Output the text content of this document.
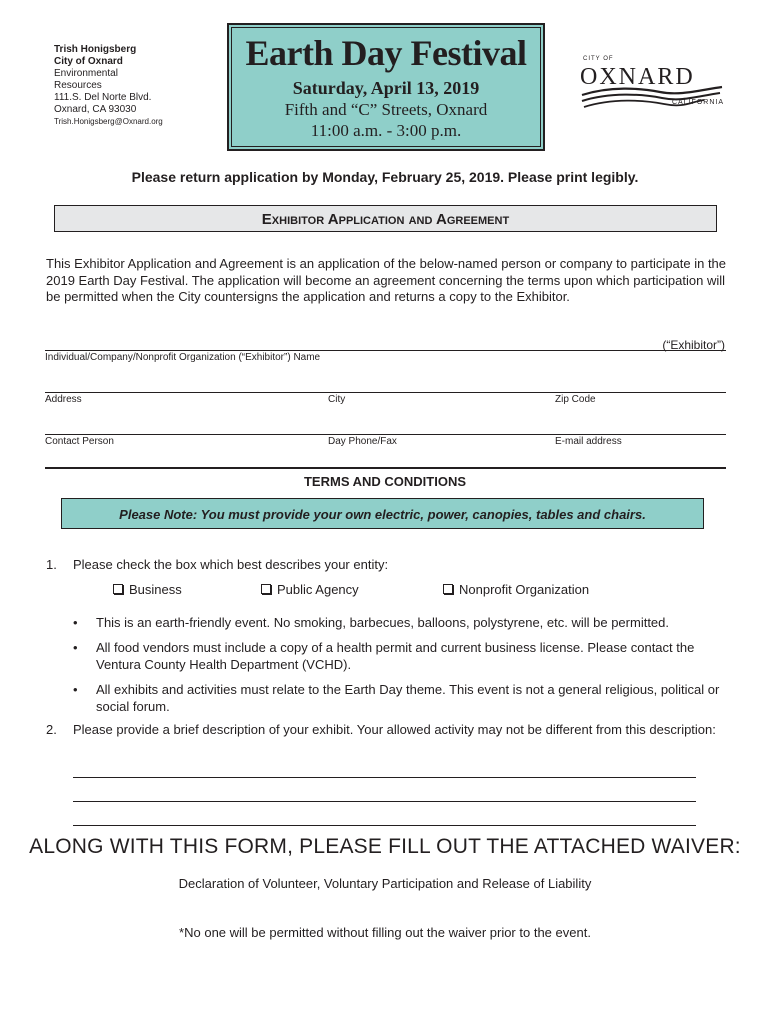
Trish Honigsberg
City of Oxnard
Environmental
Resources
111.S. Del Norte Blvd.
Oxnard, CA 93030
Trish.Honigsberg@Oxnard.org
Earth Day Festival
Saturday, April 13, 2019
Fifth and “C” Streets, Oxnard
11:00 a.m. - 3:00 p.m.
CITY OF
OXNARD
CALIFORNIA
Please return application by Monday, February 25, 2019. Please print legibly.
Exhibitor Application and Agreement
This Exhibitor Application and Agreement is an application of the below-named person or company to participate in the 2019 Earth Day Festival. The application will become an agreement concerning the terms upon which participation will be permitted when the City countersigns the application and returns a copy to the Exhibitor.
(“Exhibitor”)
Individual/Company/Nonprofit Organization (“Exhibitor”) Name
Address	City	Zip Code
Contact Person	Day Phone/Fax	E-mail address
TERMS AND CONDITIONS
Please Note: You must provide your own electric, power, canopies, tables and chairs.
1. Please check the box which best describes your entity:
Business	Public Agency	Nonprofit Organization
• This is an earth-friendly event. No smoking, barbecues, balloons, polystyrene, etc. will be permitted.
• All food vendors must include a copy of a health permit and current business license. Please contact the Ventura County Health Department (VCHD).
• All exhibits and activities must relate to the Earth Day theme. This event is not a general religious, political or social forum.
2. Please provide a brief description of your exhibit. Your allowed activity may not be different from this description:
ALONG WITH THIS FORM, PLEASE FILL OUT THE ATTACHED WAIVER:
Declaration of Volunteer, Voluntary Participation and Release of Liability
*No one will be permitted without filling out the waiver prior to the event.
